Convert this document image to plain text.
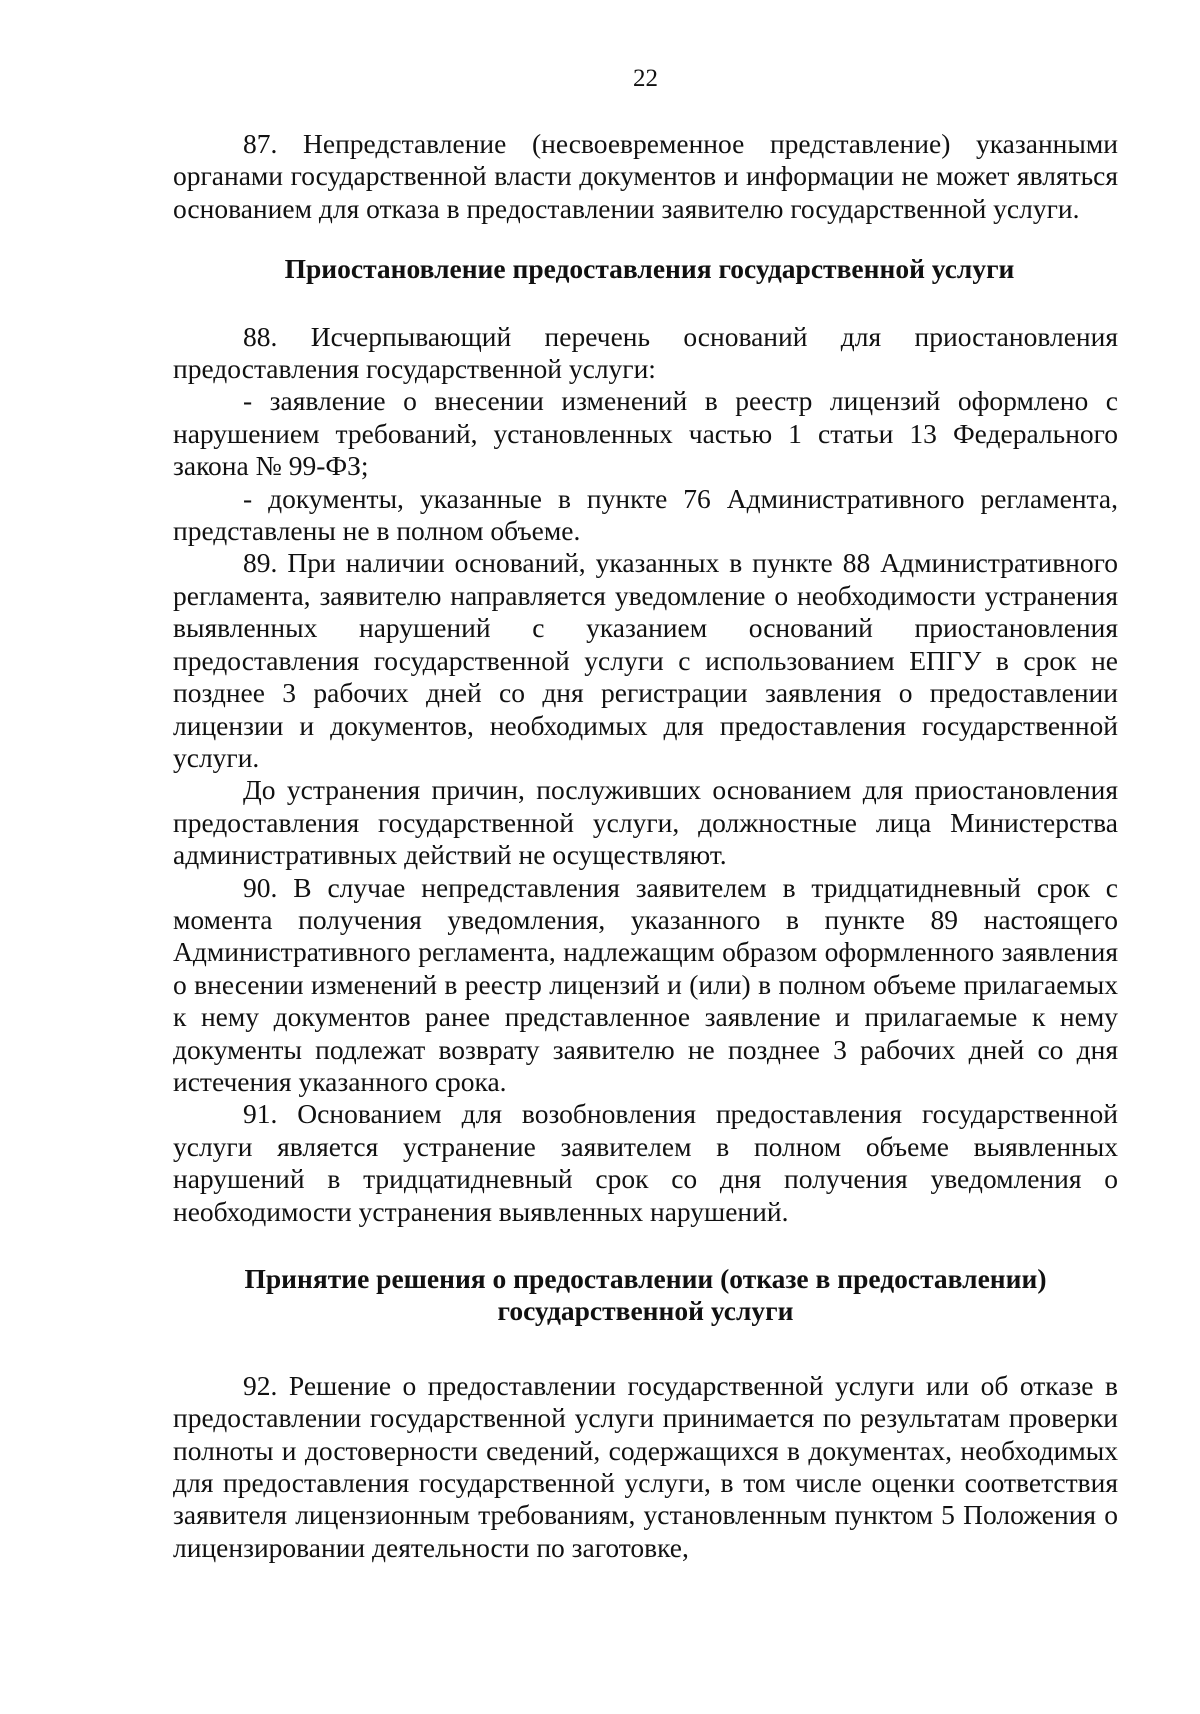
22

87. Непредставление (несвоевременное представление) указанными органами государственной власти документов и информации не может являться основанием для отказа в предоставлении заявителю государственной услуги.

Приостановление предоставления государственной услуги

88. Исчерпывающий перечень оснований для приостановления предоставления государственной услуги:

- заявление о внесении изменений в реестр лицензий оформлено с нарушением требований, установленных частью 1 статьи 13 Федерального закона № 99-ФЗ;

- документы, указанные в пункте 76 Административного регламента, представлены не в полном объеме.

89. При наличии оснований, указанных в пункте 88 Административного регламента, заявителю направляется уведомление о необходимости устранения выявленных нарушений с указанием оснований приостановления предоставления государственной услуги с использованием ЕПГУ в срок не позднее 3 рабочих дней со дня регистрации заявления о предоставлении лицензии и документов, необходимых для предоставления государственной услуги.

До устранения причин, послуживших основанием для приостановления предоставления государственной услуги, должностные лица Министерства административных действий не осуществляют.

90. В случае непредставления заявителем в тридцатидневный срок с момента получения уведомления, указанного в пункте 89 настоящего Административного регламента, надлежащим образом оформленного заявления о внесении изменений в реестр лицензий и (или) в полном объеме прилагаемых к нему документов ранее представленное заявление и прилагаемые к нему документы подлежат возврату заявителю не позднее 3 рабочих дней со дня истечения указанного срока.

91. Основанием для возобновления предоставления государственной услуги является устранение заявителем в полном объеме выявленных нарушений в тридцатидневный срок со дня получения уведомления о необходимости устранения выявленных нарушений.

Принятие решения о предоставлении (отказе в предоставлении)
государственной услуги

92. Решение о предоставлении государственной услуги или об отказе в предоставлении государственной услуги принимается по результатам проверки полноты и достоверности сведений, содержащихся в документах, необходимых для предоставления государственной услуги, в том числе оценки соответствия заявителя лицензионным требованиям, установленным пунктом 5 Положения о лицензировании деятельности по заготовке,
